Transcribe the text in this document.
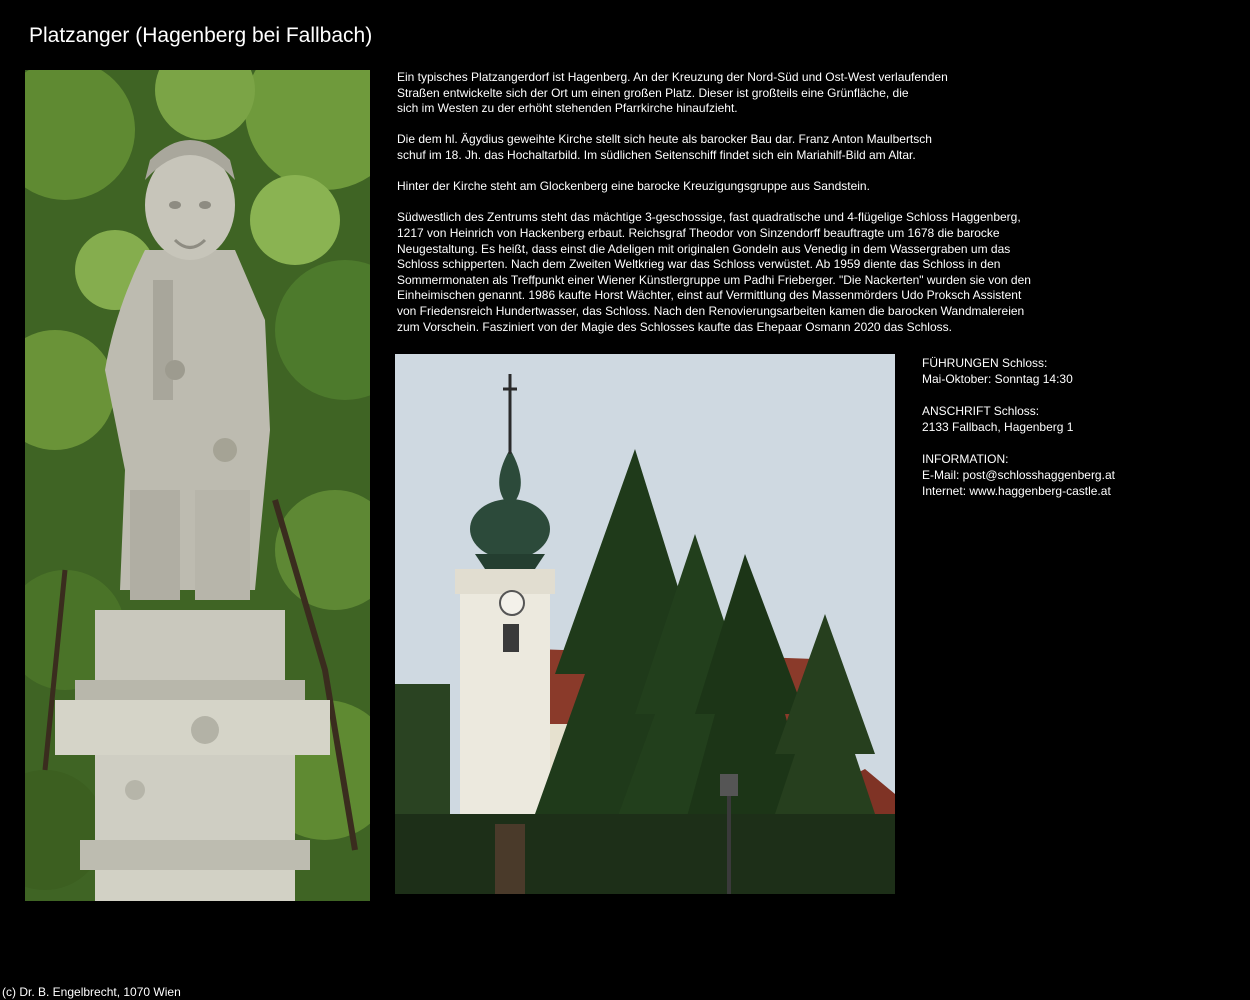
Platzanger (Hagenberg bei Fallbach)

Ein typisches Platzangerdorf ist Hagenberg. An der Kreuzung der Nord-Süd und Ost-West verlaufenden
Straßen entwickelte sich der Ort um einen großen Platz. Dieser ist großteils eine Grünfläche, die
sich im Westen zu der erhöht stehenden Pfarrkirche hinaufzieht.

Die dem hl. Ägydius geweihte Kirche stellt sich heute als barocker Bau dar. Franz Anton Maulbertsch
schuf im 18. Jh. das Hochaltarbild. Im südlichen Seitenschiff findet sich ein Mariahilf-Bild am Altar.

Hinter der Kirche steht am Glockenberg eine barocke Kreuzigungsgruppe aus Sandstein.

Südwestlich des Zentrums steht das mächtige 3-geschossige, fast quadratische und 4-flügelige Schloss Haggenberg,
1217 von Heinrich von Hackenberg erbaut. Reichsgraf Theodor von Sinzendorff beauftragte um 1678 die barocke
Neugestaltung. Es heißt, dass einst die Adeligen mit originalen Gondeln aus Venedig in dem Wassergraben um das
Schloss schipperten. Nach dem Zweiten Weltkrieg war das Schloss verwüstet. Ab 1959 diente das Schloss in den
Sommermonaten als Treffpunkt einer Wiener Künstlergruppe um Padhi Frieberger. "Die Nackerten" wurden sie von den
Einheimischen genannt. 1986 kaufte Horst Wächter, einst auf Vermittlung des Massenmörders Udo Proksch Assistent
von Friedensreich Hundertwasser, das Schloss. Nach den Renovierungsarbeiten kamen die barocken Wandmalereien
zum Vorschein. Fasziniert von der Magie des Schlosses kaufte das Ehepaar Osmann 2020 das Schloss.

FÜHRUNGEN Schloss:
Mai-Oktober: Sonntag 14:30
ANSCHRIFT Schloss:
2133 Fallbach, Hagenberg 1
INFORMATION:
E-Mail: post@schlosshaggenberg.at
Internet: www.haggenberg-castle.at
(c) Dr. B. Engelbrecht, 1070 Wien
